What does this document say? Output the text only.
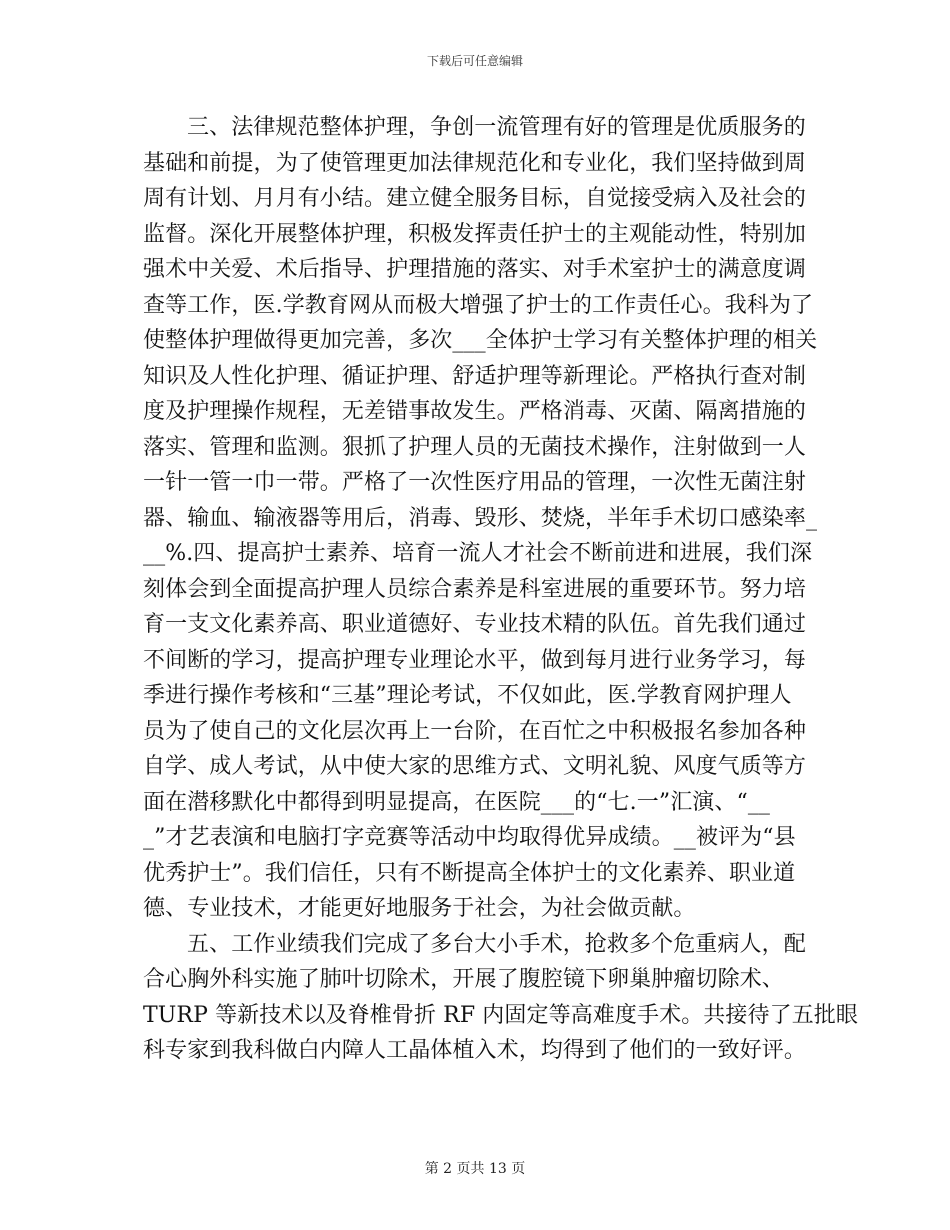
下载后可任意编辑
三、法律规范整体护理，争创一流管理有好的管理是优质服务的
基础和前提，为了使管理更加法律规范化和专业化，我们坚持做到周
周有计划、月月有小结。建立健全服务目标，自觉接受病入及社会的
监督。深化开展整体护理，积极发挥责任护士的主观能动性，特别加
强术中关爱、术后指导、护理措施的落实、对手术室护士的满意度调
查等工作，医.学教育网从而极大增强了护士的工作责任心。我科为了
使整体护理做得更加完善，多次___全体护士学习有关整体护理的相关
知识及人性化护理、循证护理、舒适护理等新理论。严格执行查对制
度及护理操作规程，无差错事故发生。严格消毒、灭菌、隔离措施的
落实、管理和监测。狠抓了护理人员的无菌技术操作，注射做到一人
一针一管一巾一带。严格了一次性医疗用品的管理，一次性无菌注射
器、输血、输液器等用后，消毒、毁形、焚烧，半年手术切口感染率_
__%.四、提高护士素养、培育一流人才社会不断前进和进展，我们深
刻体会到全面提高护理人员综合素养是科室进展的重要环节。努力培
育一支文化素养高、职业道德好、专业技术精的队伍。首先我们通过
不间断的学习，提高护理专业理论水平，做到每月进行业务学习，每
季进行操作考核和“三基”理论考试，不仅如此，医.学教育网护理人
员为了使自己的文化层次再上一台阶，在百忙之中积极报名参加各种
自学、成人考试，从中使大家的思维方式、文明礼貌、风度气质等方
面在潜移默化中都得到明显提高，在医院___的“七.一”汇演、“__
_”才艺表演和电脑打字竞赛等活动中均取得优异成绩。__被评为“县
优秀护士”。我们信任，只有不断提高全体护士的文化素养、职业道
德、专业技术，才能更好地服务于社会，为社会做贡献。
五、工作业绩我们完成了多台大小手术，抢救多个危重病人，配
合心胸外科实施了肺叶切除术，开展了腹腔镜下卵巢肿瘤切除术、
TURP 等新技术以及脊椎骨折 RF 内固定等高难度手术。共接待了五批眼
科专家到我科做白内障人工晶体植入术，均得到了他们的一致好评。
第 2 页共 13 页
